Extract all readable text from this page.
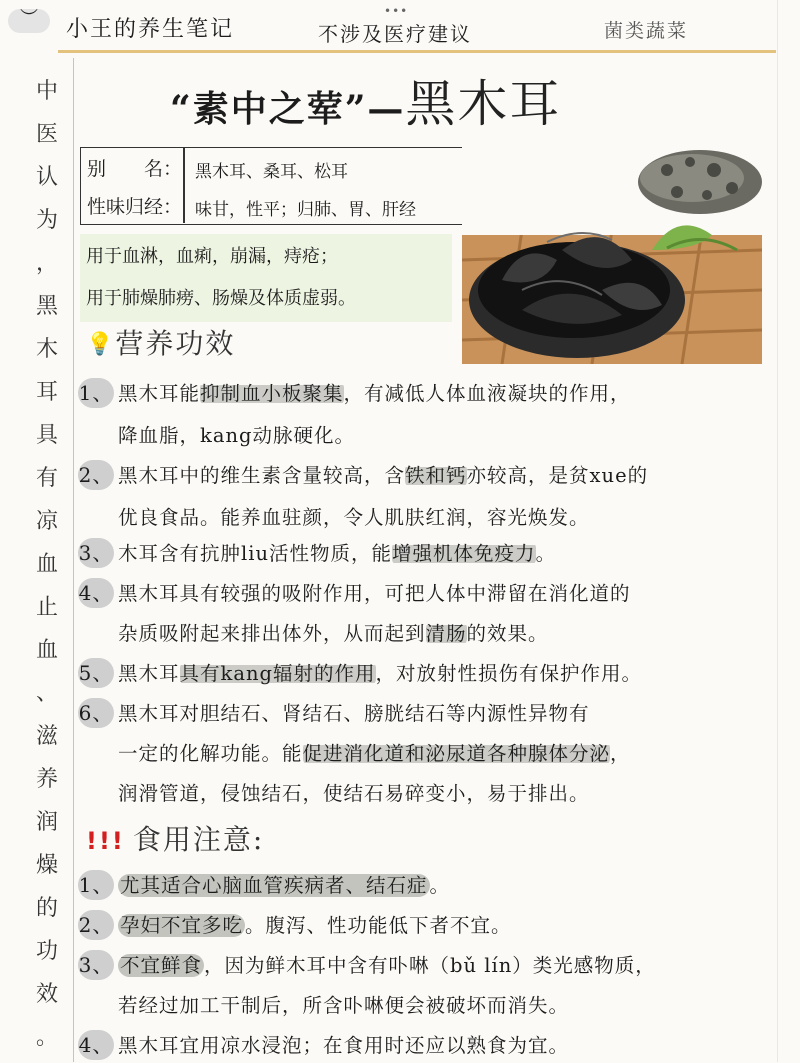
︶	•••
小王的养生笔记	不涉及医疗建议	菌类蔬菜
中
医
认
为
，
黑
木
耳
具
有
凉
血
止
血
、
滋
养
润
燥
的
功
效
。
“素中之荤”—黑木耳
别　　名： 黑木耳、桑耳、松耳
性味归经： 味甘，性平；归肺、胃、肝经
用于血淋，血痢，崩漏，痔疮；
用于肺燥肺痨、肠燥及体质虚弱。
💡营养功效
1、 黑木耳能抑制血小板聚集，有减低人体血液凝块的作用，
降血脂，kang动脉硬化。
2、 黑木耳中的维生素含量较高，含铁和钙亦较高，是贫xue的
优良食品。能养血驻颜，令人肌肤红润，容光焕发。
3、 木耳含有抗肿liu活性物质，能增强机体免疫力。
4、 黑木耳具有较强的吸附作用，可把人体中滞留在消化道的
杂质吸附起来排出体外，从而起到清肠的效果。
5、 黑木耳具有kang辐射的作用，对放射性损伤有保护作用。
6、 黑木耳对胆结石、肾结石、膀胱结石等内源性异物有
一定的化解功能。能促进消化道和泌尿道各种腺体分泌，
润滑管道，侵蚀结石，使结石易碎变小，易于排出。
!!! 食用注意:
1、 尤其适合心脑血管疾病者、结石症 。
2、 孕妇不宜多吃 。腹泻、性功能低下者不宜。
3、 不宜鲜食 ，因为鲜木耳中含有卟啉（bǔ lín）类光感物质，
若经过加工干制后，所含卟啉便会被破坏而消失。
4、 黑木耳宜用凉水浸泡；在食用时还应以熟食为宜。
